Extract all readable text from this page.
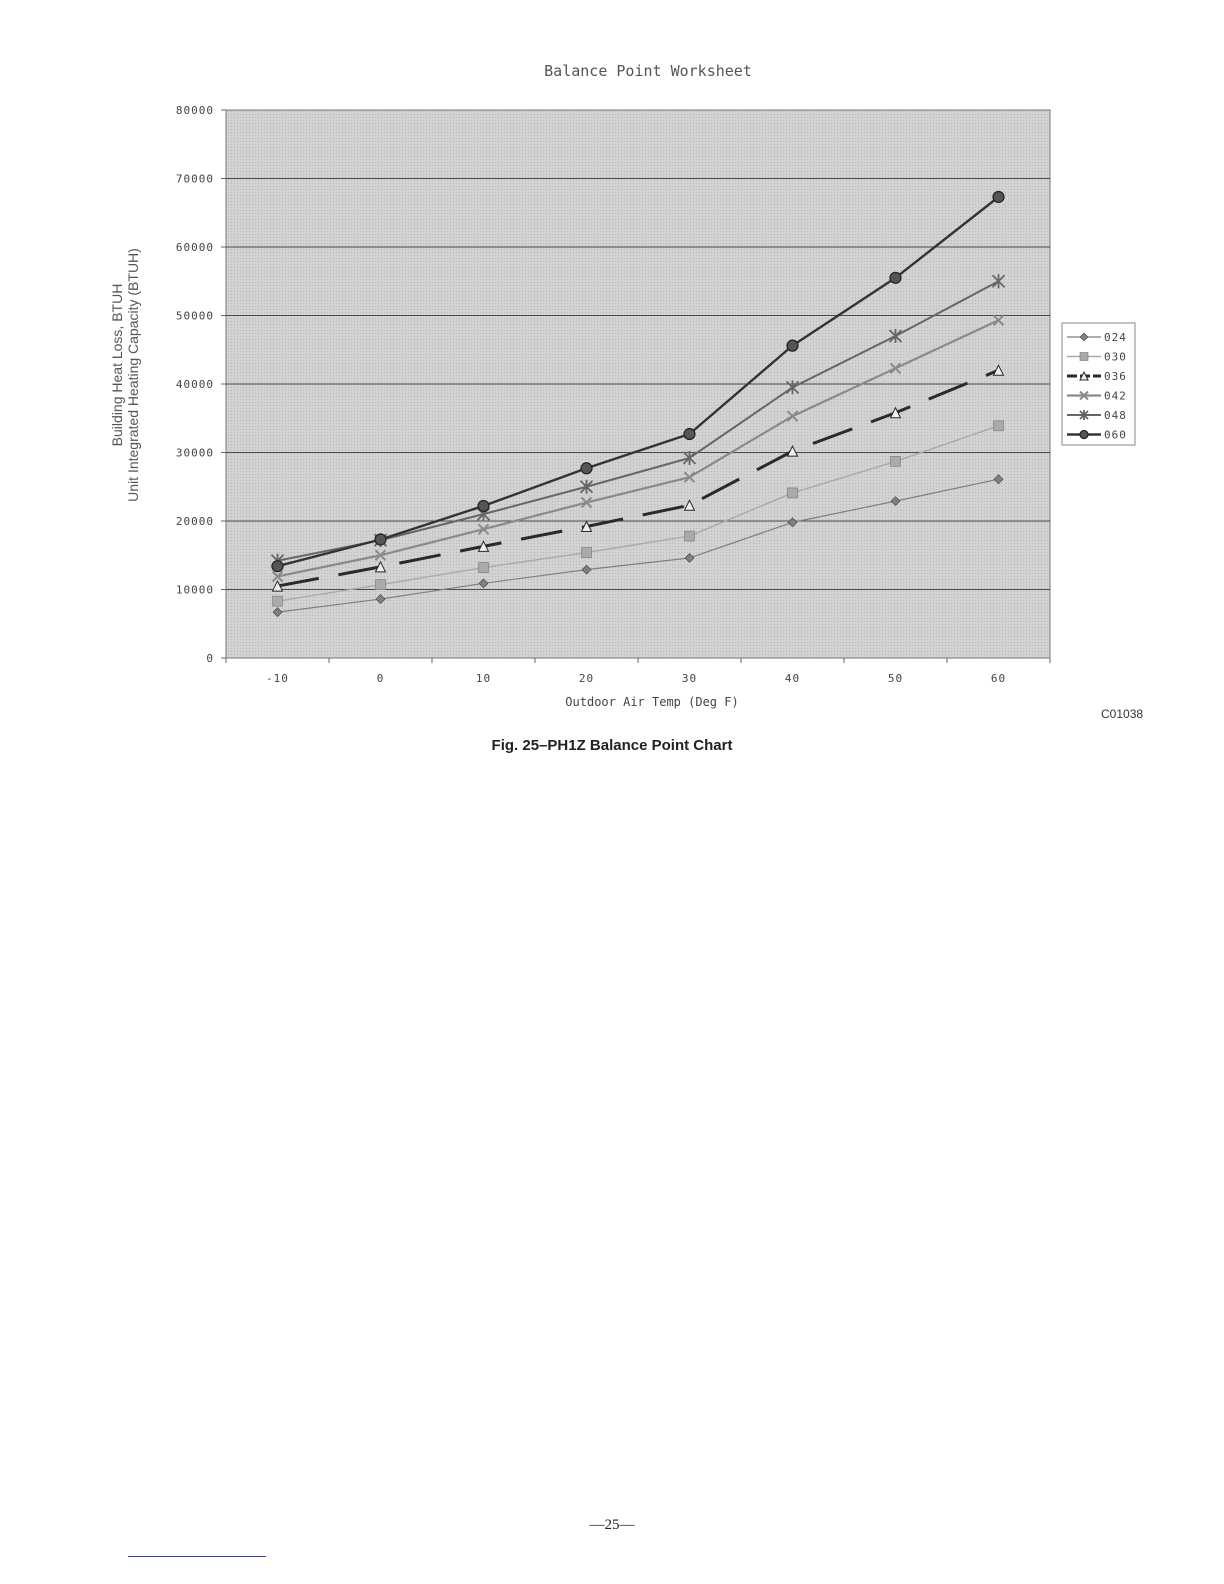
Balance Point Worksheet
0
10000
20000
30000
40000
50000
60000
70000
80000
-10	0	10	20	30	40	50	60
Outdoor Air Temp (Deg F)
Building Heat Loss, BTUH Unit Integrated Heating Capacity (BTUH)	024
030
036
042
048
060
C01038
Fig. 25–PH1Z Balance Point Chart
—25—
